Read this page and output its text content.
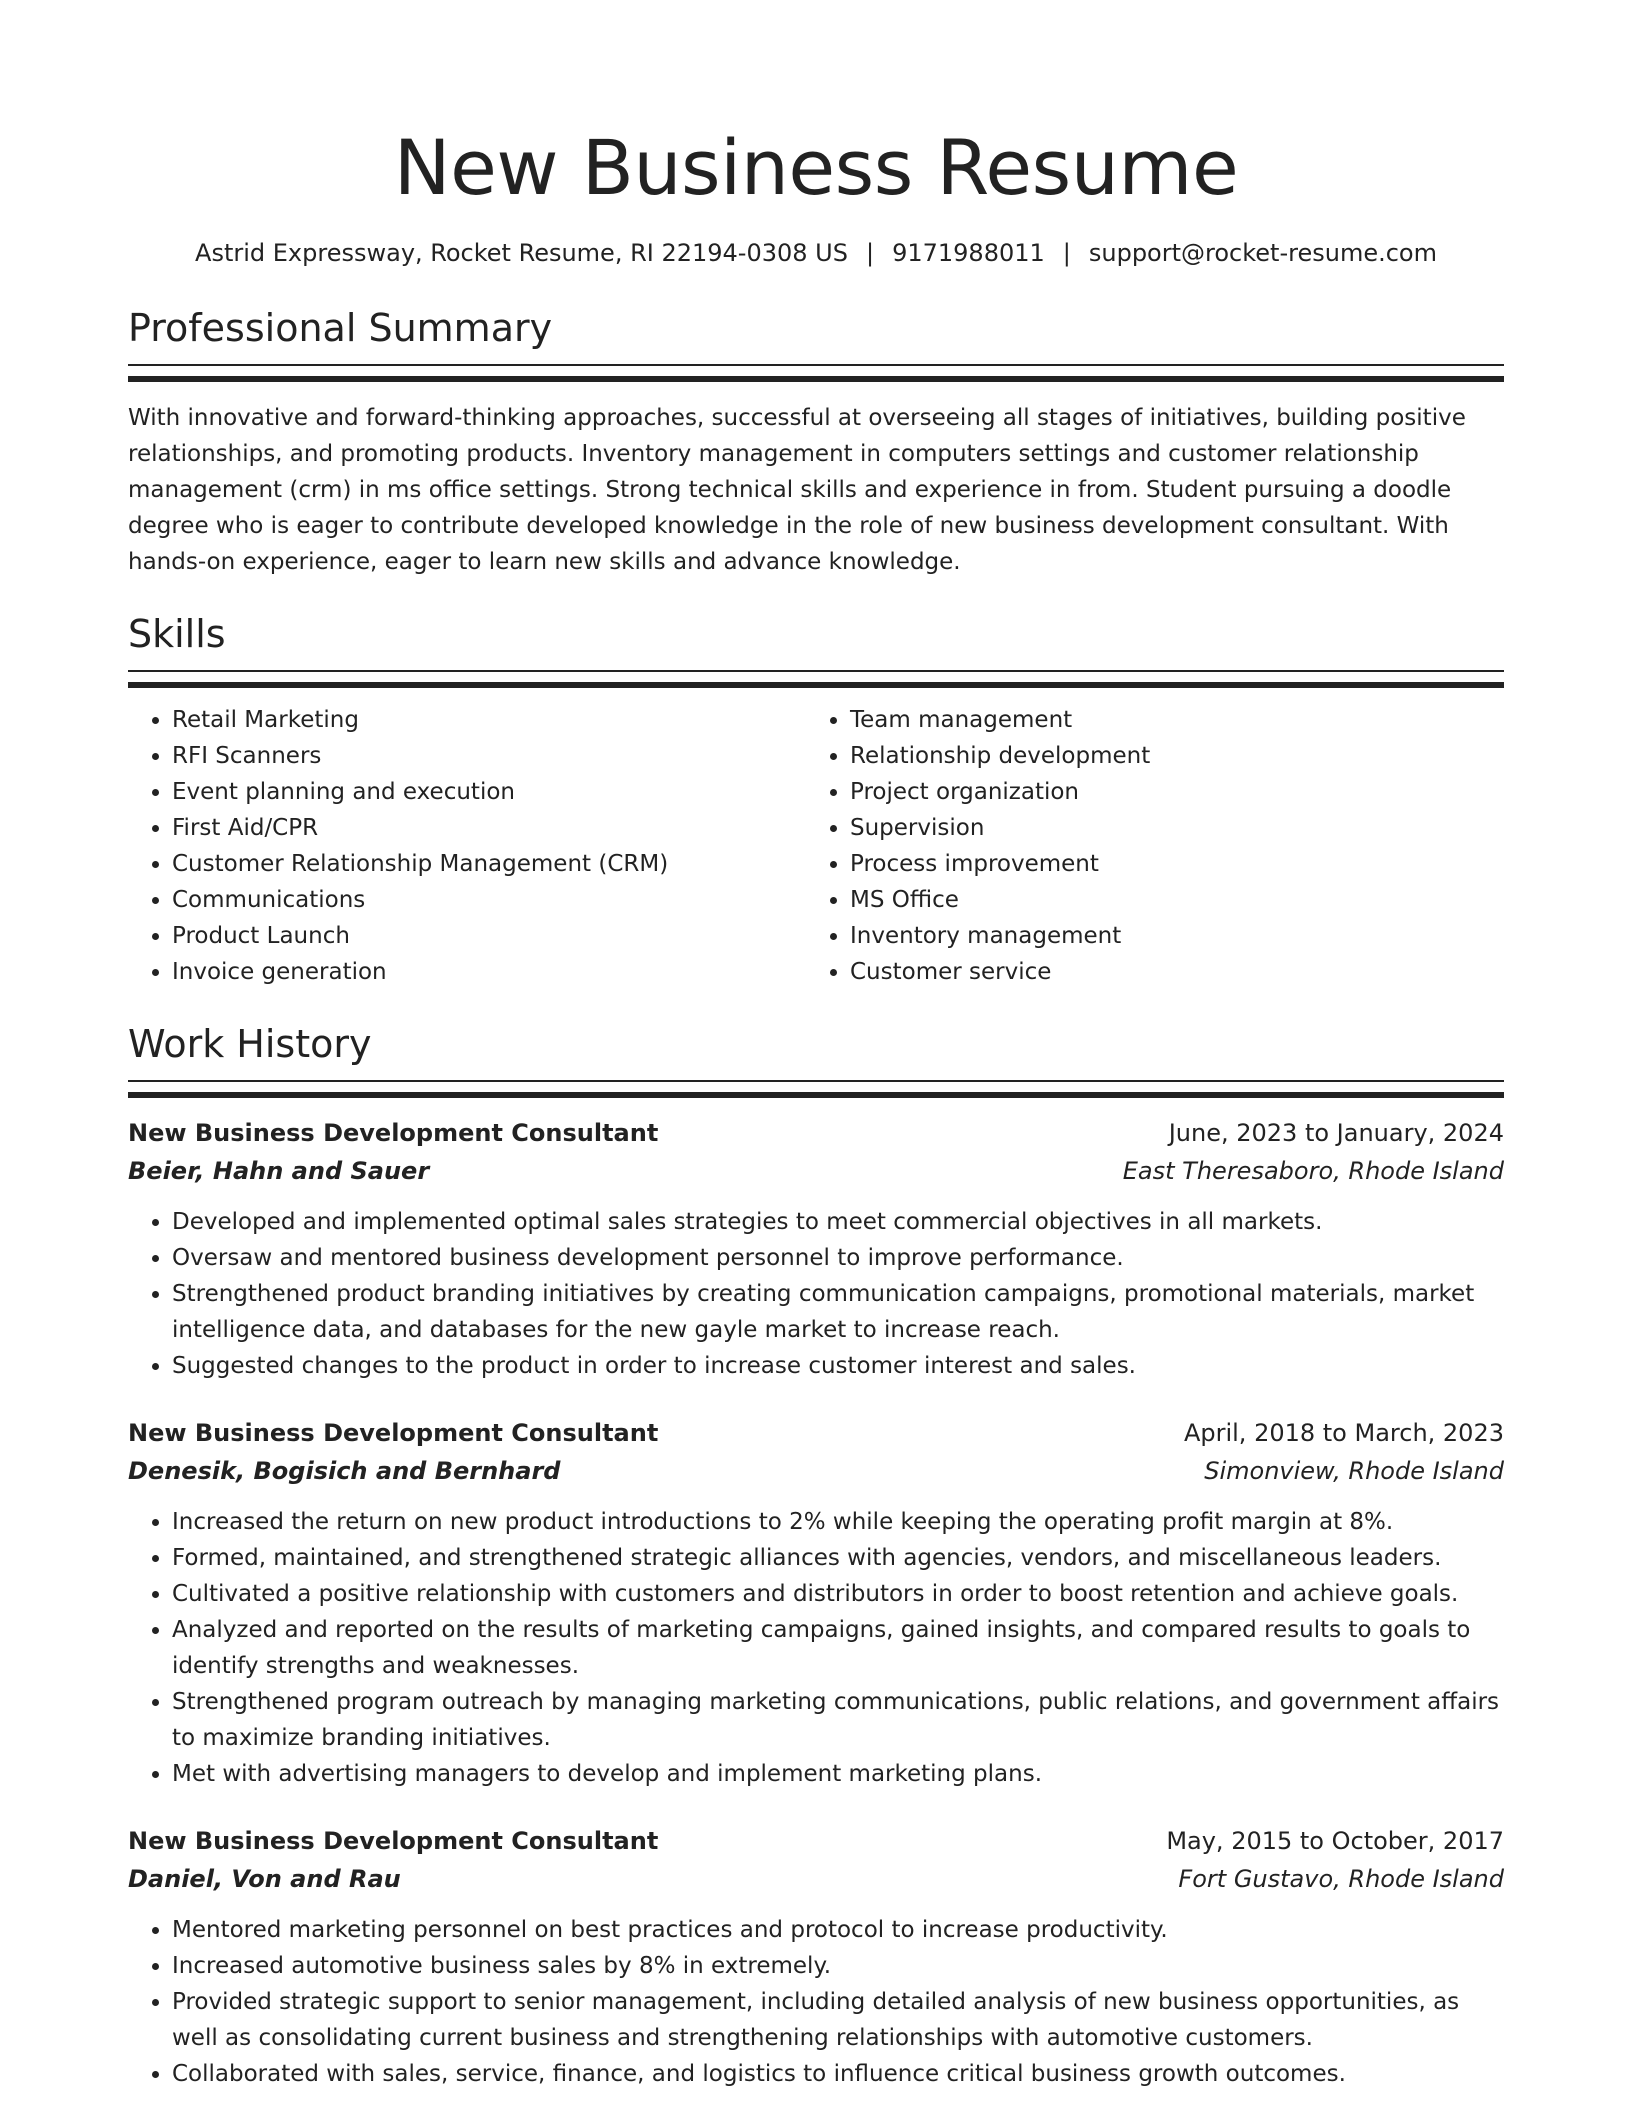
New Business Resume
Astrid Expressway, Rocket Resume, RI 22194-0308 US | 9171988011 | support@rocket-resume.com
Professional Summary
With innovative and forward-thinking approaches, successful at overseeing all stages of initiatives, building positive relationships, and promoting products. Inventory management in computers settings and customer relationship management (crm) in ms office settings. Strong technical skills and experience in from. Student pursuing a doodle degree who is eager to contribute developed knowledge in the role of new business development consultant. With hands-on experience, eager to learn new skills and advance knowledge.
Skills
• Retail Marketing
• RFI Scanners
• Event planning and execution
• First Aid/CPR
• Customer Relationship Management (CRM)
• Communications
• Product Launch
• Invoice generation
• Team management
• Relationship development
• Project organization
• Supervision
• Process improvement
• MS Office
• Inventory management
• Customer service
Work History
New Business Development Consultant	June, 2023 to January, 2024
Beier, Hahn and Sauer	East Theresaboro, Rhode Island
• Developed and implemented optimal sales strategies to meet commercial objectives in all markets.
• Oversaw and mentored business development personnel to improve performance.
• Strengthened product branding initiatives by creating communication campaigns, promotional materials, market intelligence data, and databases for the new gayle market to increase reach.
• Suggested changes to the product in order to increase customer interest and sales.
New Business Development Consultant	April, 2018 to March, 2023
Denesik, Bogisich and Bernhard	Simonview, Rhode Island
• Increased the return on new product introductions to 2% while keeping the operating profit margin at 8%.
• Formed, maintained, and strengthened strategic alliances with agencies, vendors, and miscellaneous leaders.
• Cultivated a positive relationship with customers and distributors in order to boost retention and achieve goals.
• Analyzed and reported on the results of marketing campaigns, gained insights, and compared results to goals to identify strengths and weaknesses.
• Strengthened program outreach by managing marketing communications, public relations, and government affairs to maximize branding initiatives.
• Met with advertising managers to develop and implement marketing plans.
New Business Development Consultant	May, 2015 to October, 2017
Daniel, Von and Rau	Fort Gustavo, Rhode Island
• Mentored marketing personnel on best practices and protocol to increase productivity.
• Increased automotive business sales by 8% in extremely.
• Provided strategic support to senior management, including detailed analysis of new business opportunities, as well as consolidating current business and strengthening relationships with automotive customers.
• Collaborated with sales, service, finance, and logistics to influence critical business growth outcomes.
